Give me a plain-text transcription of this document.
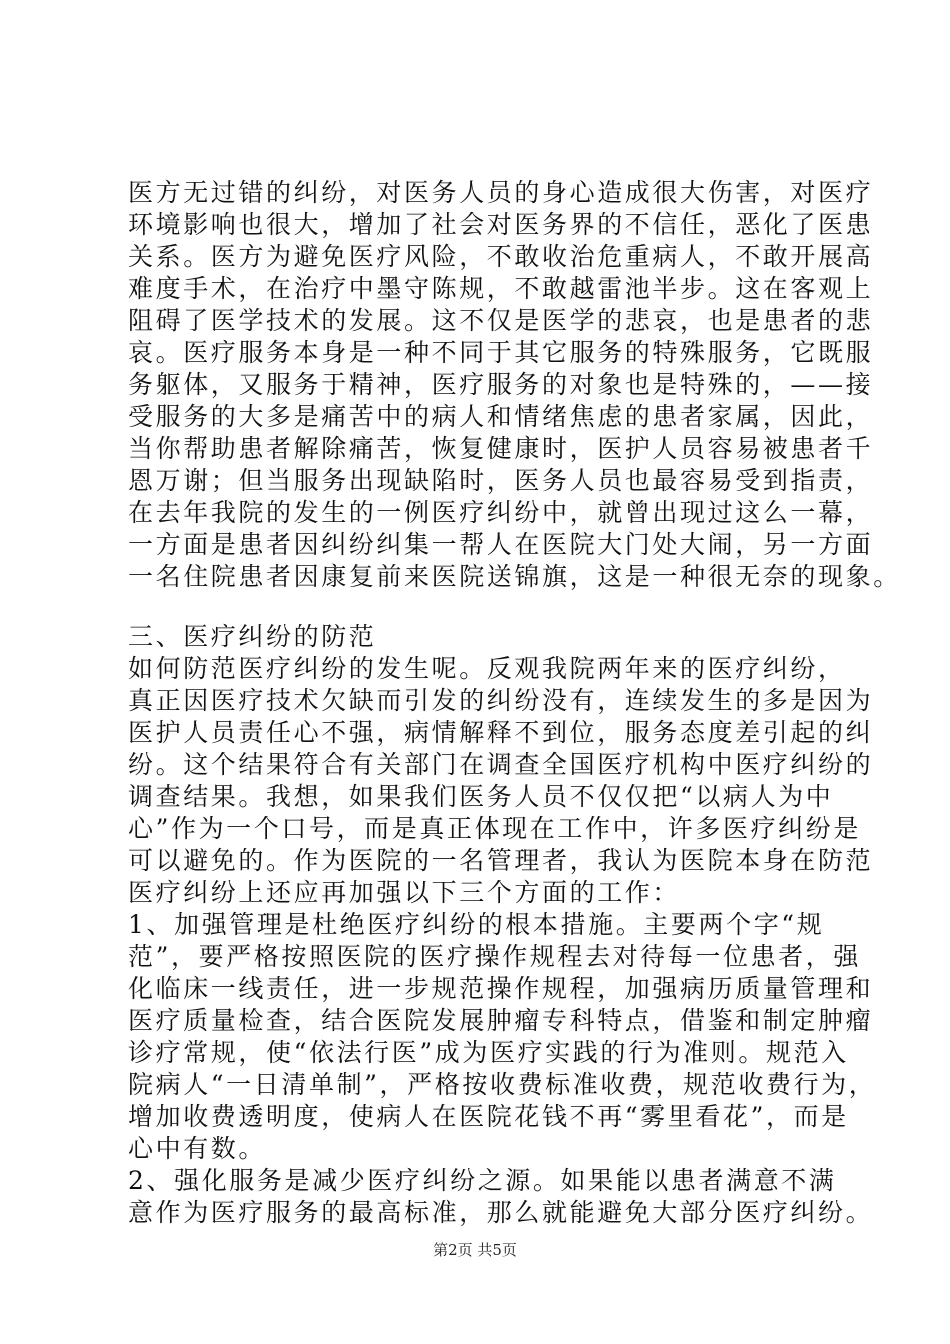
医方无过错的纠纷，对医务人员的身心造成很大伤害，对医疗
环境影响也很大，增加了社会对医务界的不信任，恶化了医患
关系。医方为避免医疗风险，不敢收治危重病人，不敢开展高
难度手术，在治疗中墨守陈规，不敢越雷池半步。这在客观上
阻碍了医学技术的发展。这不仅是医学的悲哀，也是患者的悲
哀。医疗服务本身是一种不同于其它服务的特殊服务，它既服
务躯体，又服务于精神，医疗服务的对象也是特殊的，——接
受服务的大多是痛苦中的病人和情绪焦虑的患者家属，因此，
当你帮助患者解除痛苦，恢复健康时，医护人员容易被患者千
恩万谢；但当服务出现缺陷时，医务人员也最容易受到指责，
在去年我院的发生的一例医疗纠纷中，就曾出现过这么一幕，
一方面是患者因纠纷纠集一帮人在医院大门处大闹，另一方面
一名住院患者因康复前来医院送锦旗，这是一种很无奈的现象。
三、医疗纠纷的防范
如何防范医疗纠纷的发生呢。反观我院两年来的医疗纠纷，
真正因医疗技术欠缺而引发的纠纷没有，连续发生的多是因为
医护人员责任心不强，病情解释不到位，服务态度差引起的纠
纷。这个结果符合有关部门在调查全国医疗机构中医疗纠纷的
调查结果。我想，如果我们医务人员不仅仅把“以病人为中
心”作为一个口号，而是真正体现在工作中，许多医疗纠纷是
可以避免的。作为医院的一名管理者，我认为医院本身在防范
医疗纠纷上还应再加强以下三个方面的工作：
1、加强管理是杜绝医疗纠纷的根本措施。主要两个字“规
范”，要严格按照医院的医疗操作规程去对待每一位患者，强
化临床一线责任，进一步规范操作规程，加强病历质量管理和
医疗质量检查，结合医院发展肿瘤专科特点，借鉴和制定肿瘤
诊疗常规，使“依法行医”成为医疗实践的行为准则。规范入
院病人“一日清单制”，严格按收费标准收费，规范收费行为，
增加收费透明度，使病人在医院花钱不再“雾里看花”，而是
心中有数。
2、强化服务是减少医疗纠纷之源。如果能以患者满意不满
意作为医疗服务的最高标准，那么就能避免大部分医疗纠纷。
第2页 共5页
